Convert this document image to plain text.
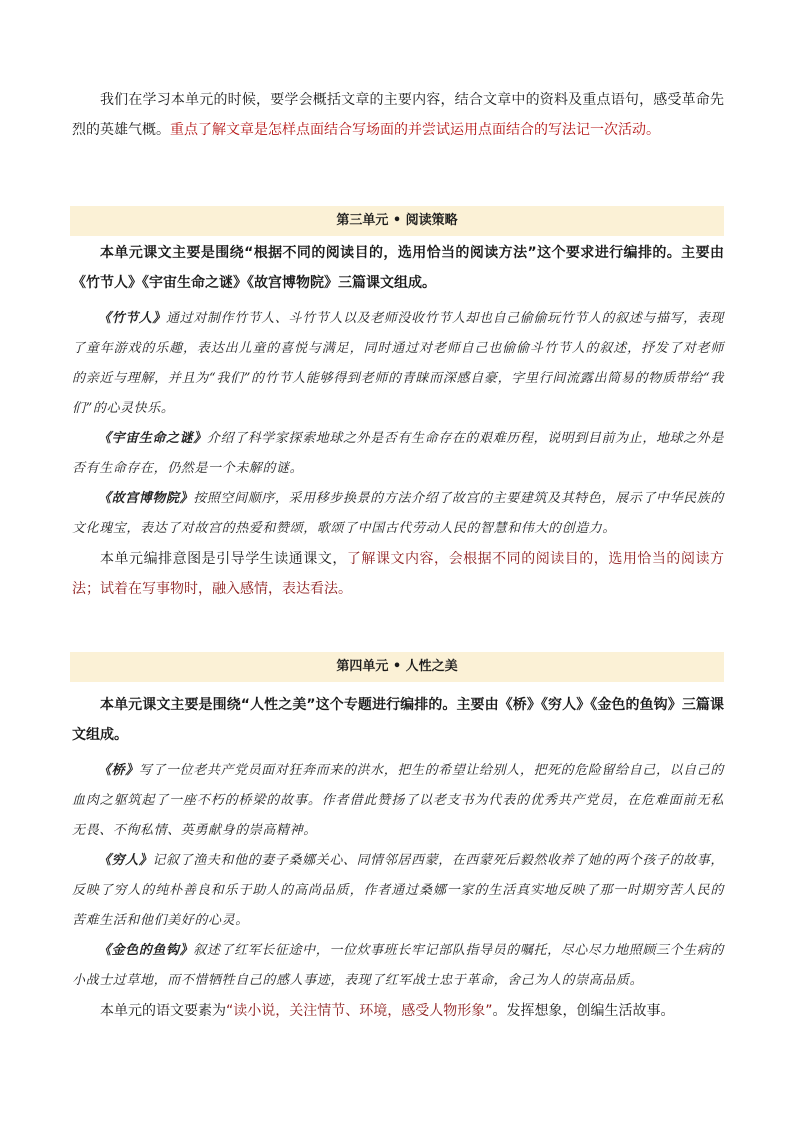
我们在学习本单元的时候，要学会概括文章的主要内容，结合文章中的资料及重点语句，感受革命先烈的英雄气概。重点了解文章是怎样点面结合写场面的并尝试运用点面结合的写法记一次活动。

第三单元 • 阅读策略

本单元课文主要是围绕“根据不同的阅读目的，选用恰当的阅读方法”这个要求进行编排的。主要由《竹节人》《宇宙生命之谜》《故宫博物院》三篇课文组成。

《竹节人》通过对制作竹节人、斗竹节人以及老师没收竹节人却也自己偷偷玩竹节人的叙述与描写，表现了童年游戏的乐趣，表达出儿童的喜悦与满足，同时通过对老师自己也偷偷斗竹节人的叙述，抒发了对老师的亲近与理解，并且为“我们”的竹节人能够得到老师的青睐而深感自豪，字里行间流露出简易的物质带给“我们”的心灵快乐。

《宇宙生命之谜》介绍了科学家探索地球之外是否有生命存在的艰难历程，说明到目前为止，地球之外是否有生命存在，仍然是一个未解的谜。

《故宫博物院》按照空间顺序，采用移步换景的方法介绍了故宫的主要建筑及其特色，展示了中华民族的文化瑰宝，表达了对故宫的热爱和赞颂，歌颂了中国古代劳动人民的智慧和伟大的创造力。

本单元编排意图是引导学生读通课文，了解课文内容，会根据不同的阅读目的，选用恰当的阅读方法；试着在写事物时，融入感情，表达看法。

第四单元 • 人性之美

本单元课文主要是围绕“人性之美”这个专题进行编排的。主要由《桥》《穷人》《金色的鱼钩》三篇课文组成。

《桥》写了一位老共产党员面对狂奔而来的洪水，把生的希望让给别人，把死的危险留给自己，以自己的血肉之躯筑起了一座不朽的桥梁的故事。作者借此赞扬了以老支书为代表的优秀共产党员，在危难面前无私无畏、不徇私情、英勇献身的崇高精神。

《穷人》记叙了渔夫和他的妻子桑娜关心、同情邻居西蒙，在西蒙死后毅然收养了她的两个孩子的故事，反映了穷人的纯朴善良和乐于助人的高尚品质，作者通过桑娜一家的生活真实地反映了那一时期穷苦人民的苦难生活和他们美好的心灵。

《金色的鱼钩》叙述了红军长征途中，一位炊事班长牢记部队指导员的嘱托，尽心尽力地照顾三个生病的小战士过草地，而不惜牺牲自己的感人事迹，表现了红军战士忠于革命，舍己为人的崇高品质。

本单元的语文要素为“读小说，关注情节、环境，感受人物形象”。发挥想象，创编生活故事。
